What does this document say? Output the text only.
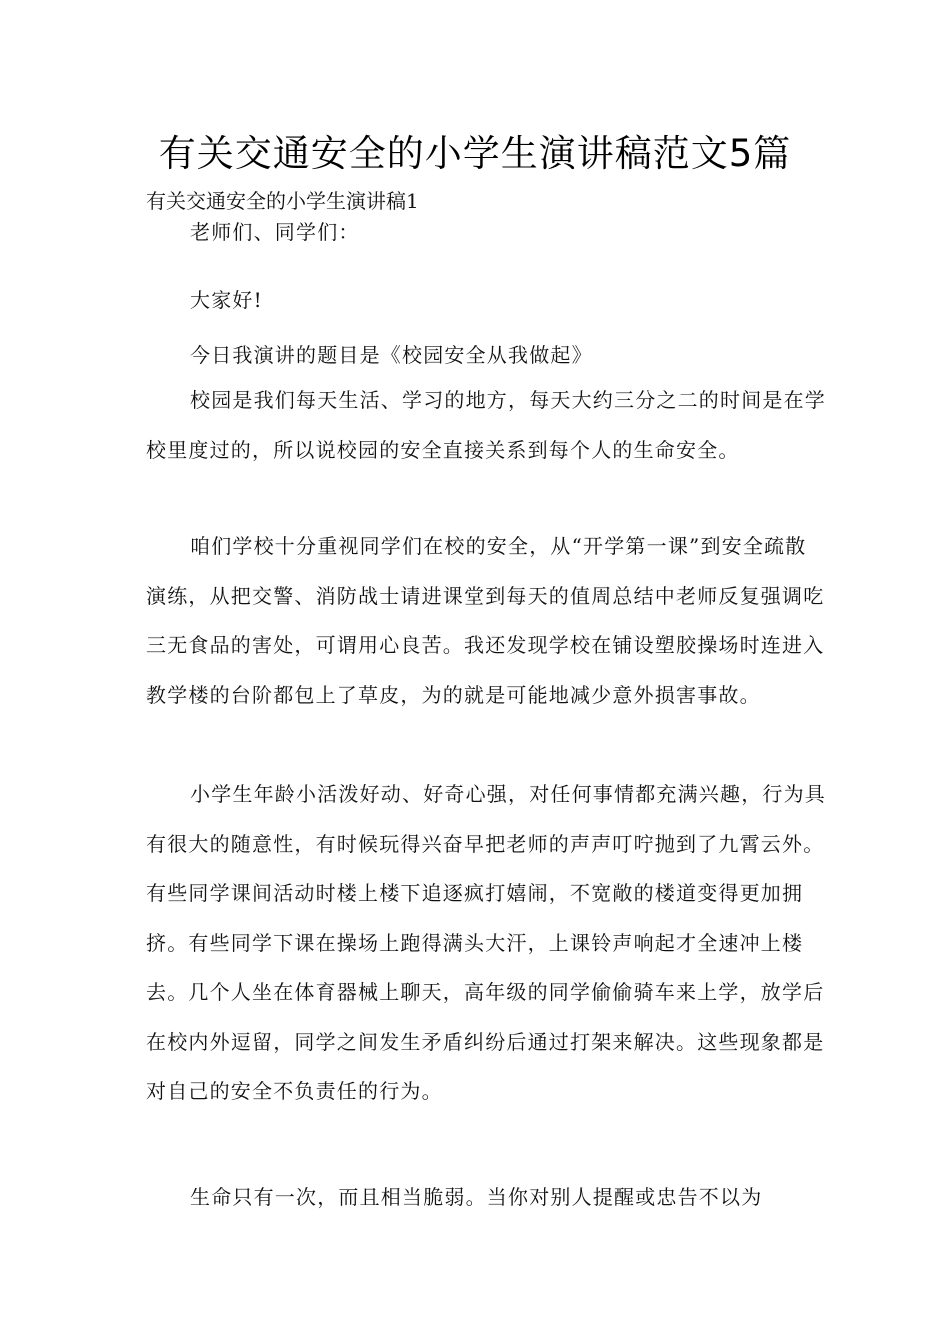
有关交通安全的小学生演讲稿范文5篇

有关交通安全的小学生演讲稿1

老师们、同学们：

大家好!

今日我演讲的题目是《校园安全从我做起》

校园是我们每天生活、学习的地方，每天大约三分之二的时间是在学校里度过的，所以说校园的安全直接关系到每个人的生命安全。

咱们学校十分重视同学们在校的安全，从“开学第一课”到安全疏散演练，从把交警、消防战士请进课堂到每天的值周总结中老师反复强调吃三无食品的害处，可谓用心良苦。我还发现学校在铺设塑胶操场时连进入教学楼的台阶都包上了草皮，为的就是可能地减少意外损害事故。

小学生年龄小活泼好动、好奇心强，对任何事情都充满兴趣，行为具有很大的随意性，有时候玩得兴奋早把老师的声声叮咛抛到了九霄云外。有些同学课间活动时楼上楼下追逐疯打嬉闹，不宽敞的楼道变得更加拥挤。有些同学下课在操场上跑得满头大汗，上课铃声响起才全速冲上楼去。几个人坐在体育器械上聊天，高年级的同学偷偷骑车来上学，放学后在校内外逗留，同学之间发生矛盾纠纷后通过打架来解决。这些现象都是对自己的安全不负责任的行为。

生命只有一次，而且相当脆弱。当你对别人提醒或忠告不以为
